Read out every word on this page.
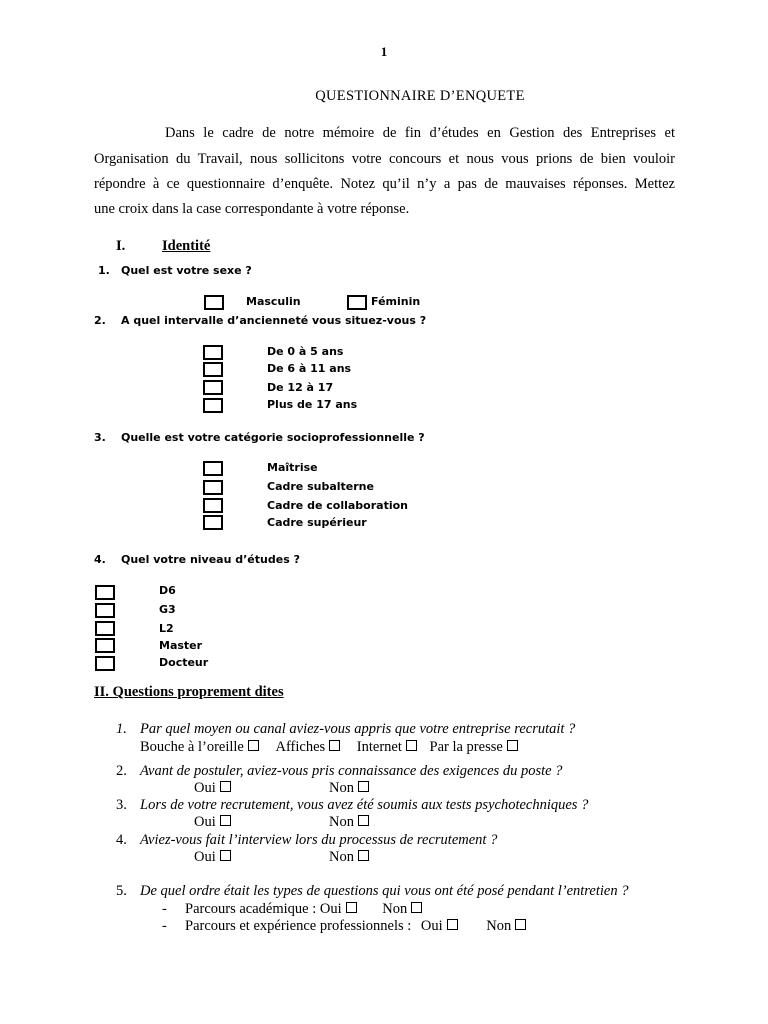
1
QUESTIONNAIRE D’ENQUETE
Dans le cadre de notre mémoire de fin d’études en Gestion des Entreprises et
Organisation du Travail, nous sollicitons votre concours et nous vous prions de bien vouloir
répondre à ce questionnaire d’enquête. Notez qu’il n’y a pas de mauvaises réponses. Mettez
une croix dans la case correspondante à votre réponse.
I.	Identité
1. Quel est votre sexe ?
Masculin	Féminin
2. A quel intervalle d’ancienneté vous situez-vous ?
De 0 à 5 ans
De 6 à 11 ans
De 12 à 17
Plus de 17 ans
3. Quelle est votre catégorie socioprofessionnelle ?
Maîtrise
Cadre subalterne
Cadre de collaboration
Cadre supérieur
4. Quel votre niveau d’études ?
D6
G3
L2
Master
Docteur
II. Questions proprement dites
1. Par quel moyen ou canal aviez-vous appris que votre entreprise recrutait ?
Bouche à l’oreille Affiches Internet Par la presse
2. Avant de postuler, aviez-vous pris connaissance des exigences du poste ?
Oui	Non
3. Lors de votre recrutement, vous avez été soumis aux tests psychotechniques ?
Oui	Non
4. Aviez-vous fait l’interview lors du processus de recrutement ?
Oui	Non
5. De quel ordre était les types de questions qui vous ont été posé pendant l’entretien ?
- Parcours académique : Oui	Non
- Parcours et expérience professionnels : Oui	Non
